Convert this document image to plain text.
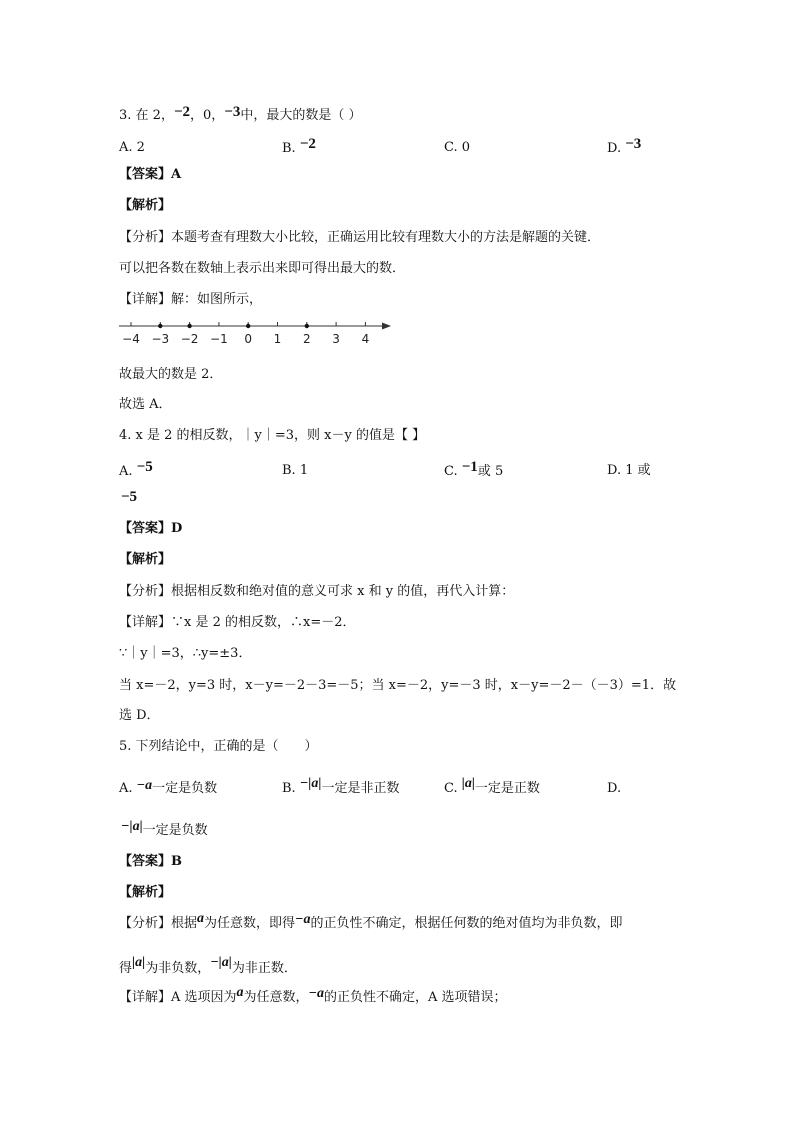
3. 在 2，−2，0，−3中，最大的数是（ ）
A. 2	B. −2	C. 0	D. −3
【答案】A
【解析】
【分析】本题考查有理数大小比较，正确运用比较有理数大小的方法是解题的关键．
可以把各数在数轴上表示出来即可得出最大的数．
【详解】解：如图所示，
−4 −3 −2 −1 0 1 2 3 4
故最大的数是 2．
故选 A．
4. x 是 2 的相反数，｜y｜=3，则 x－y 的值是【 】
A. −5	B. 1	C. −1或 5	D. 1 或
−5
【答案】D
【解析】
【分析】根据相反数和绝对值的意义可求 x 和 y 的值，再代入计算：
【详解】∵x 是 2 的相反数，∴x=－2．
∵｜y｜=3，∴y=±3．
当 x=－2，y=3 时，x－y=－2－3=－5；当 x=－2，y=－3 时，x－y=－2－（－3）=1．故
选 D．
5. 下列结论中，正确的是（　　）
A. −a一定是负数	B. −|a|一定是非正数	C. |a|一定是正数	D.
−|a|一定是负数
【答案】B
【解析】
【分析】根据a为任意数，即得−a的正负性不确定，根据任何数的绝对值均为非负数，即
得|a|为非负数，−|a|为非正数．
【详解】A 选项因为a为任意数，−a的正负性不确定，A 选项错误；
